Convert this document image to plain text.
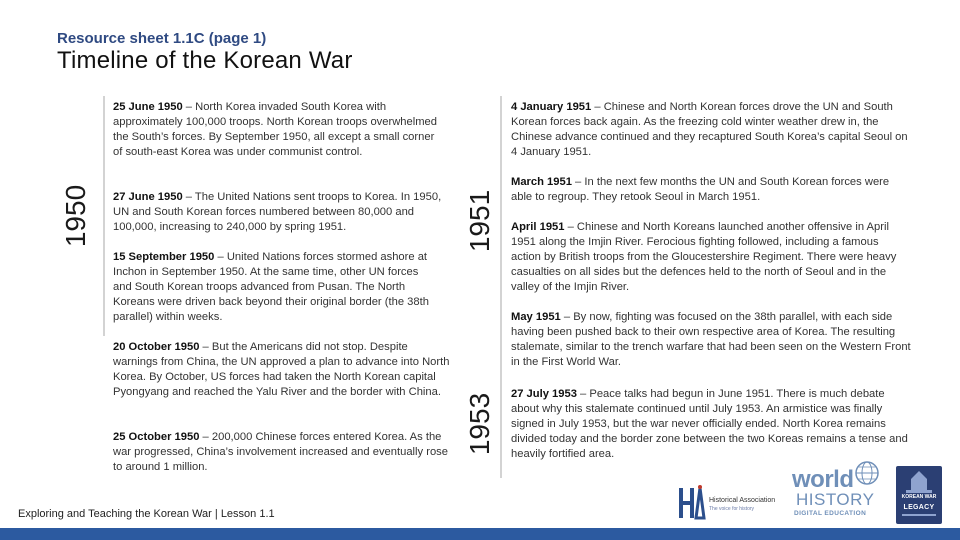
Resource sheet 1.1C (page 1)
Timeline of the Korean War
1950	1951
1953
25 June 1950 – North Korea invaded South Korea with approximately 100,000 troops. North Korean troops overwhelmed the South’s forces. By September 1950, all except a small corner of south-east Korea was under communist control.
27 June 1950 – The United Nations sent troops to Korea. In 1950, UN and South Korean forces numbered between 80,000 and 100,000, increasing to 240,000 by spring 1951.
15 September 1950 – United Nations forces stormed ashore at Inchon in September 1950. At the same time, other UN forces and South Korean troops advanced from Pusan. The North Koreans were driven back beyond their original border (the 38th parallel) within weeks.
20 October 1950 – But the Americans did not stop. Despite warnings from China, the UN approved a plan to advance into North Korea. By October, US forces had taken the North Korean capital Pyongyang and reached the Yalu River and the border with China.
25 October 1950 – 200,000 Chinese forces entered Korea. As the war progressed, China’s involvement increased and eventually rose to around 1 million.
4 January 1951 – Chinese and North Korean forces drove the UN and South Korean forces back again. As the freezing cold winter weather drew in, the Chinese advance continued and they recaptured South Korea’s capital Seoul on 4 January 1951.
March 1951 – In the next few months the UN and South Korean forces were able to regroup. They retook Seoul in March 1951.
April 1951 – Chinese and North Koreans launched another offensive in April 1951 along the Imjin River. Ferocious fighting followed, including a famous action by British troops from the Gloucestershire Regiment. There were heavy casualties on all sides but the defences held to the north of Seoul and in the valley of the Imjin River.
May 1951 – By now, fighting was focused on the 38th parallel, with each side having been pushed back to their own respective area of Korea. The resulting stalemate, similar to the trench warfare that had been seen on the Western Front in the First World War.
27 July 1953 – Peace talks had begun in June 1951. There is much debate about why this stalemate continued until July 1953. An armistice was finally signed in July 1953, but the war never officially ended. North Korea remains divided today and the border zone between the two Koreas remains a tense and heavily fortified area.
Exploring and Teaching the Korean War | Lesson 1.1
Historical Association
The voice for history
world
HISTORY
DIGITAL EDUCATION
KOREAN WAR
LEGACY
